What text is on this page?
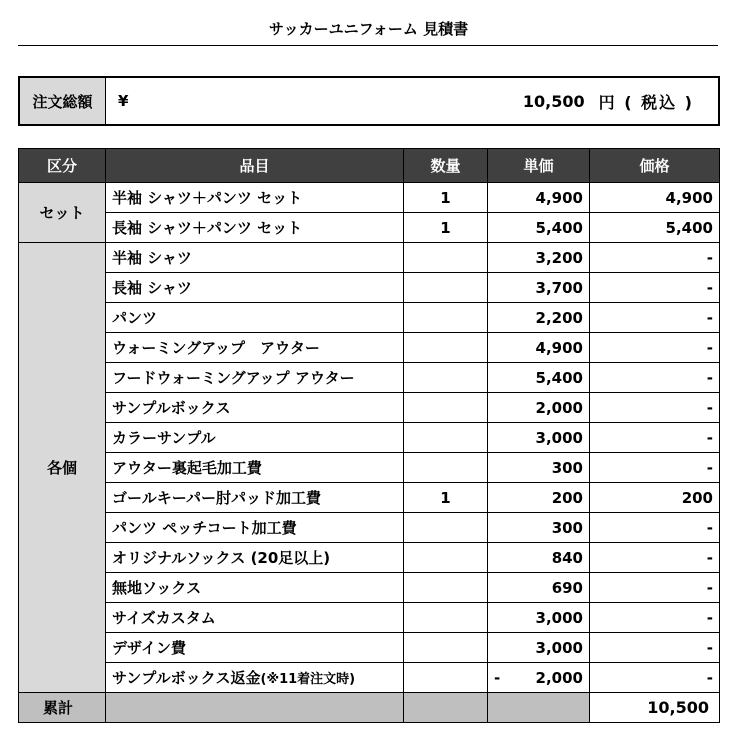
サッカーユニフォーム 見積書
注文総額	¥	10,500 円 ( 税込 )
区分	品目	数量	単価	価格
セット	半袖 シャツ＋パンツ セット	1	4,900	4,900
	長袖 シャツ＋パンツ セット	1	5,400	5,400
各個	半袖 シャツ		3,200	-
	長袖 シャツ		3,700	-
	パンツ		2,200	-
	ウォーミングアップ　アウター		4,900	-
	フードウォーミングアップ アウター		5,400	-
	サンプルボックス		2,000	-
	カラーサンプル		3,000	-
	アウター裏起毛加工費		300	-
	ゴールキーパー肘パッド加工費	1	200	200
	パンツ ペッチコート加工費		300	-
	オリジナルソックス (20足以上)		840	-
	無地ソックス		690	-
	サイズカスタム		3,000	-
	デザイン費		3,000	-
	サンプルボックス返金(※11着注文時)		- 2,000	-
累計				10,500
